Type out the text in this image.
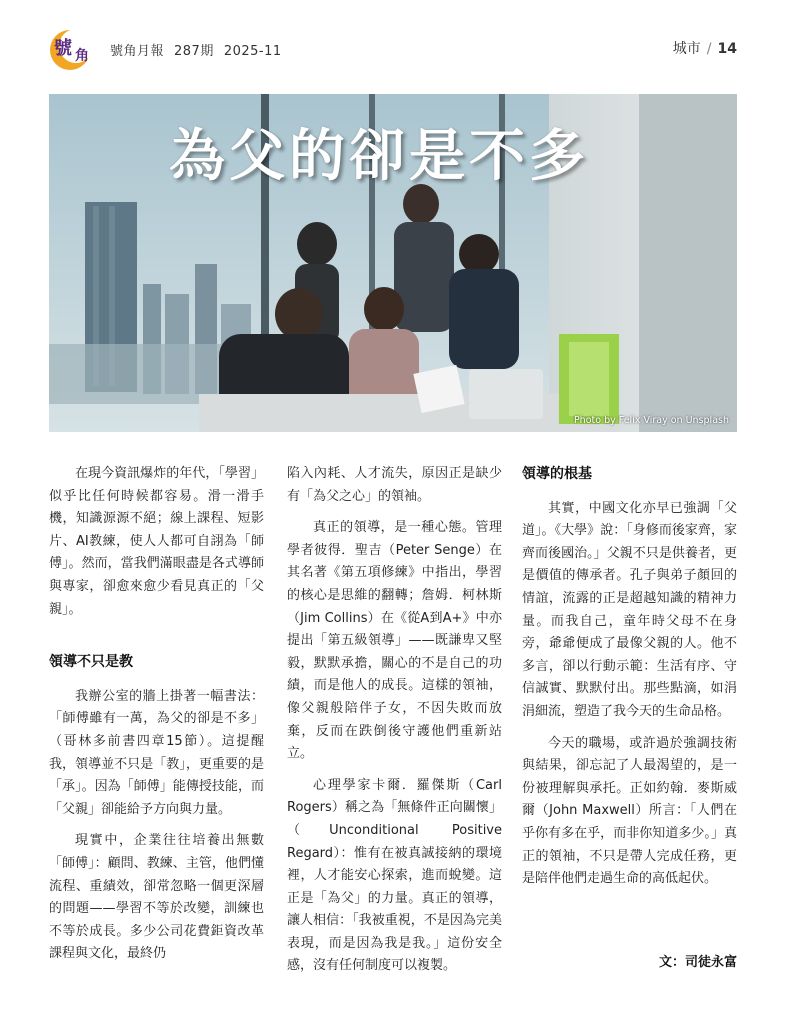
號 角 號角月報 287期 2025-11	城市 / 14
為父的卻是不多
Photo by Felix Viray on Unsplash

在現今資訊爆炸的年代，「學習」似乎比任何時候都容易。滑一滑手機，知識源源不絕；線上課程、短影片、AI教練，使人人都可自詡為「師傅」。然而，當我們滿眼盡是各式導師與專家，卻愈來愈少看見真正的「父親」。

領導不只是教

我辦公室的牆上掛著一幅書法：「師傅雖有一萬，為父的卻是不多」（哥林多前書四章15節）。這提醒我，領導並不只是「教」，更重要的是「承」。因為「師傅」能傳授技能，而「父親」卻能給予方向與力量。

現實中，企業往往培養出無數「師傅」：顧問、教練、主管，他們懂流程、重績效，卻常忽略一個更深層的問題——學習不等於改變，訓練也不等於成長。多少公司花費鉅資改革課程與文化，最終仍

陷入內耗、人才流失，原因正是缺少有「為父之心」的領袖。

真正的領導，是一種心態。管理學者彼得．聖吉（Peter Senge）在其名著《第五項修練》中指出，學習的核心是思維的翻轉；詹姆．柯林斯（Jim Collins）在《從A到A+》中亦提出「第五級領導」——既謙卑又堅毅，默默承擔，關心的不是自己的功績，而是他人的成長。這樣的領袖，像父親般陪伴子女，不因失敗而放棄，反而在跌倒後守護他們重新站立。

心理學家卡爾．羅傑斯（Carl Rogers）稱之為「無條件正向關懷」（Unconditional Positive Regard）：惟有在被真誠接納的環境裡，人才能安心探索，進而蛻變。這正是「為父」的力量。真正的領導，讓人相信：「我被重視，不是因為完美表現，而是因為我是我。」這份安全感，沒有任何制度可以複製。

領導的根基

其實，中國文化亦早已強調「父道」。《大學》說：「身修而後家齊，家齊而後國治。」父親不只是供養者，更是價值的傳承者。孔子與弟子顏回的情誼，流露的正是超越知識的精神力量。而我自己，童年時父母不在身旁，爺爺便成了最像父親的人。他不多言，卻以行動示範：生活有序、守信誠實、默默付出。那些點滴，如涓涓細流，塑造了我今天的生命品格。

今天的職場，或許過於強調技術與結果，卻忘記了人最渴望的，是一份被理解與承托。正如約翰．麥斯威爾（John Maxwell）所言：「人們在乎你有多在乎，而非你知道多少。」真正的領袖，不只是帶人完成任務，更是陪伴他們走過生命的高低起伏。

文：司徒永富
